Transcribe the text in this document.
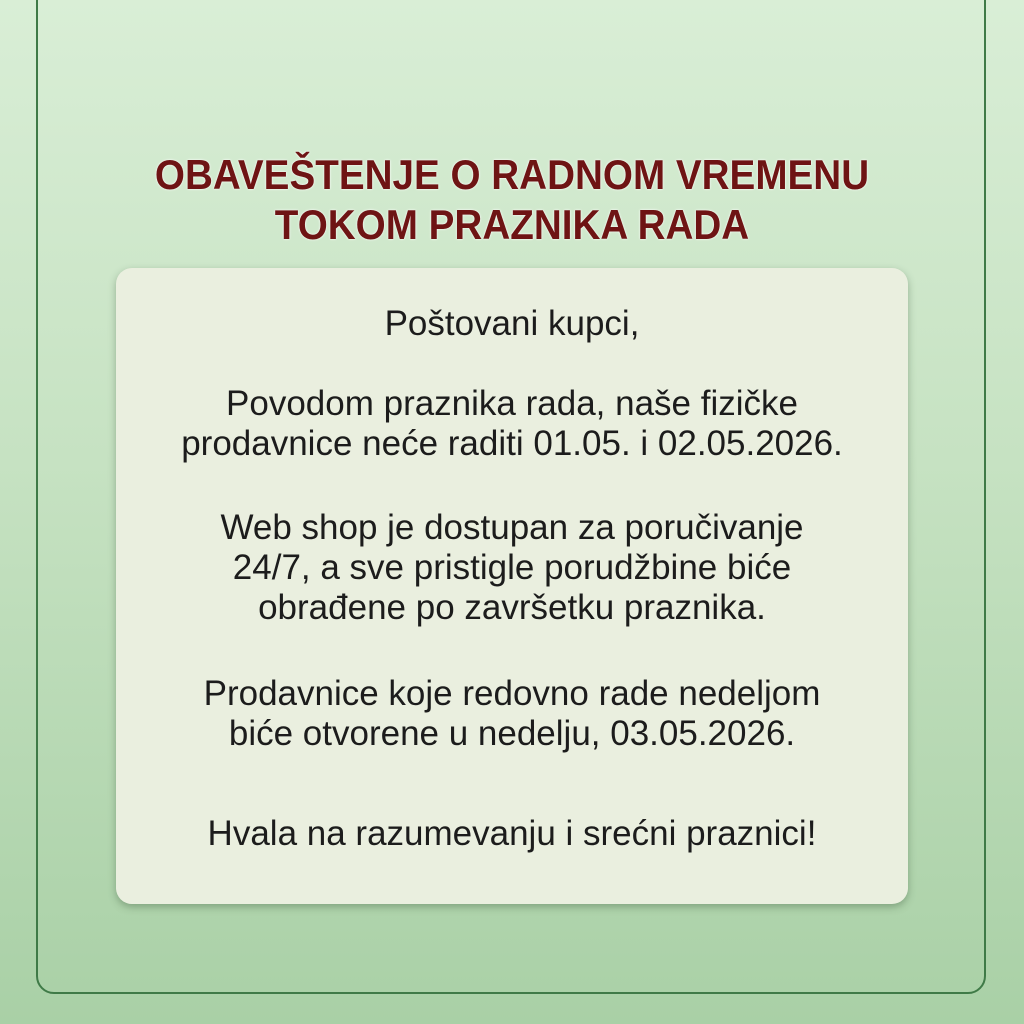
OBAVEŠTENJE O RADNOM VREMENU
TOKOM PRAZNIKA RADA

Poštovani kupci,

Povodom praznika rada, naše fizičke
prodavnice neće raditi 01.05. i 02.05.2026.

Web shop je dostupan za poručivanje
24/7, a sve pristigle porudžbine biće
obrađene po završetku praznika.

Prodavnice koje redovno rade nedeljom
biće otvorene u nedelju, 03.05.2026.

Hvala na razumevanju i srećni praznici!
